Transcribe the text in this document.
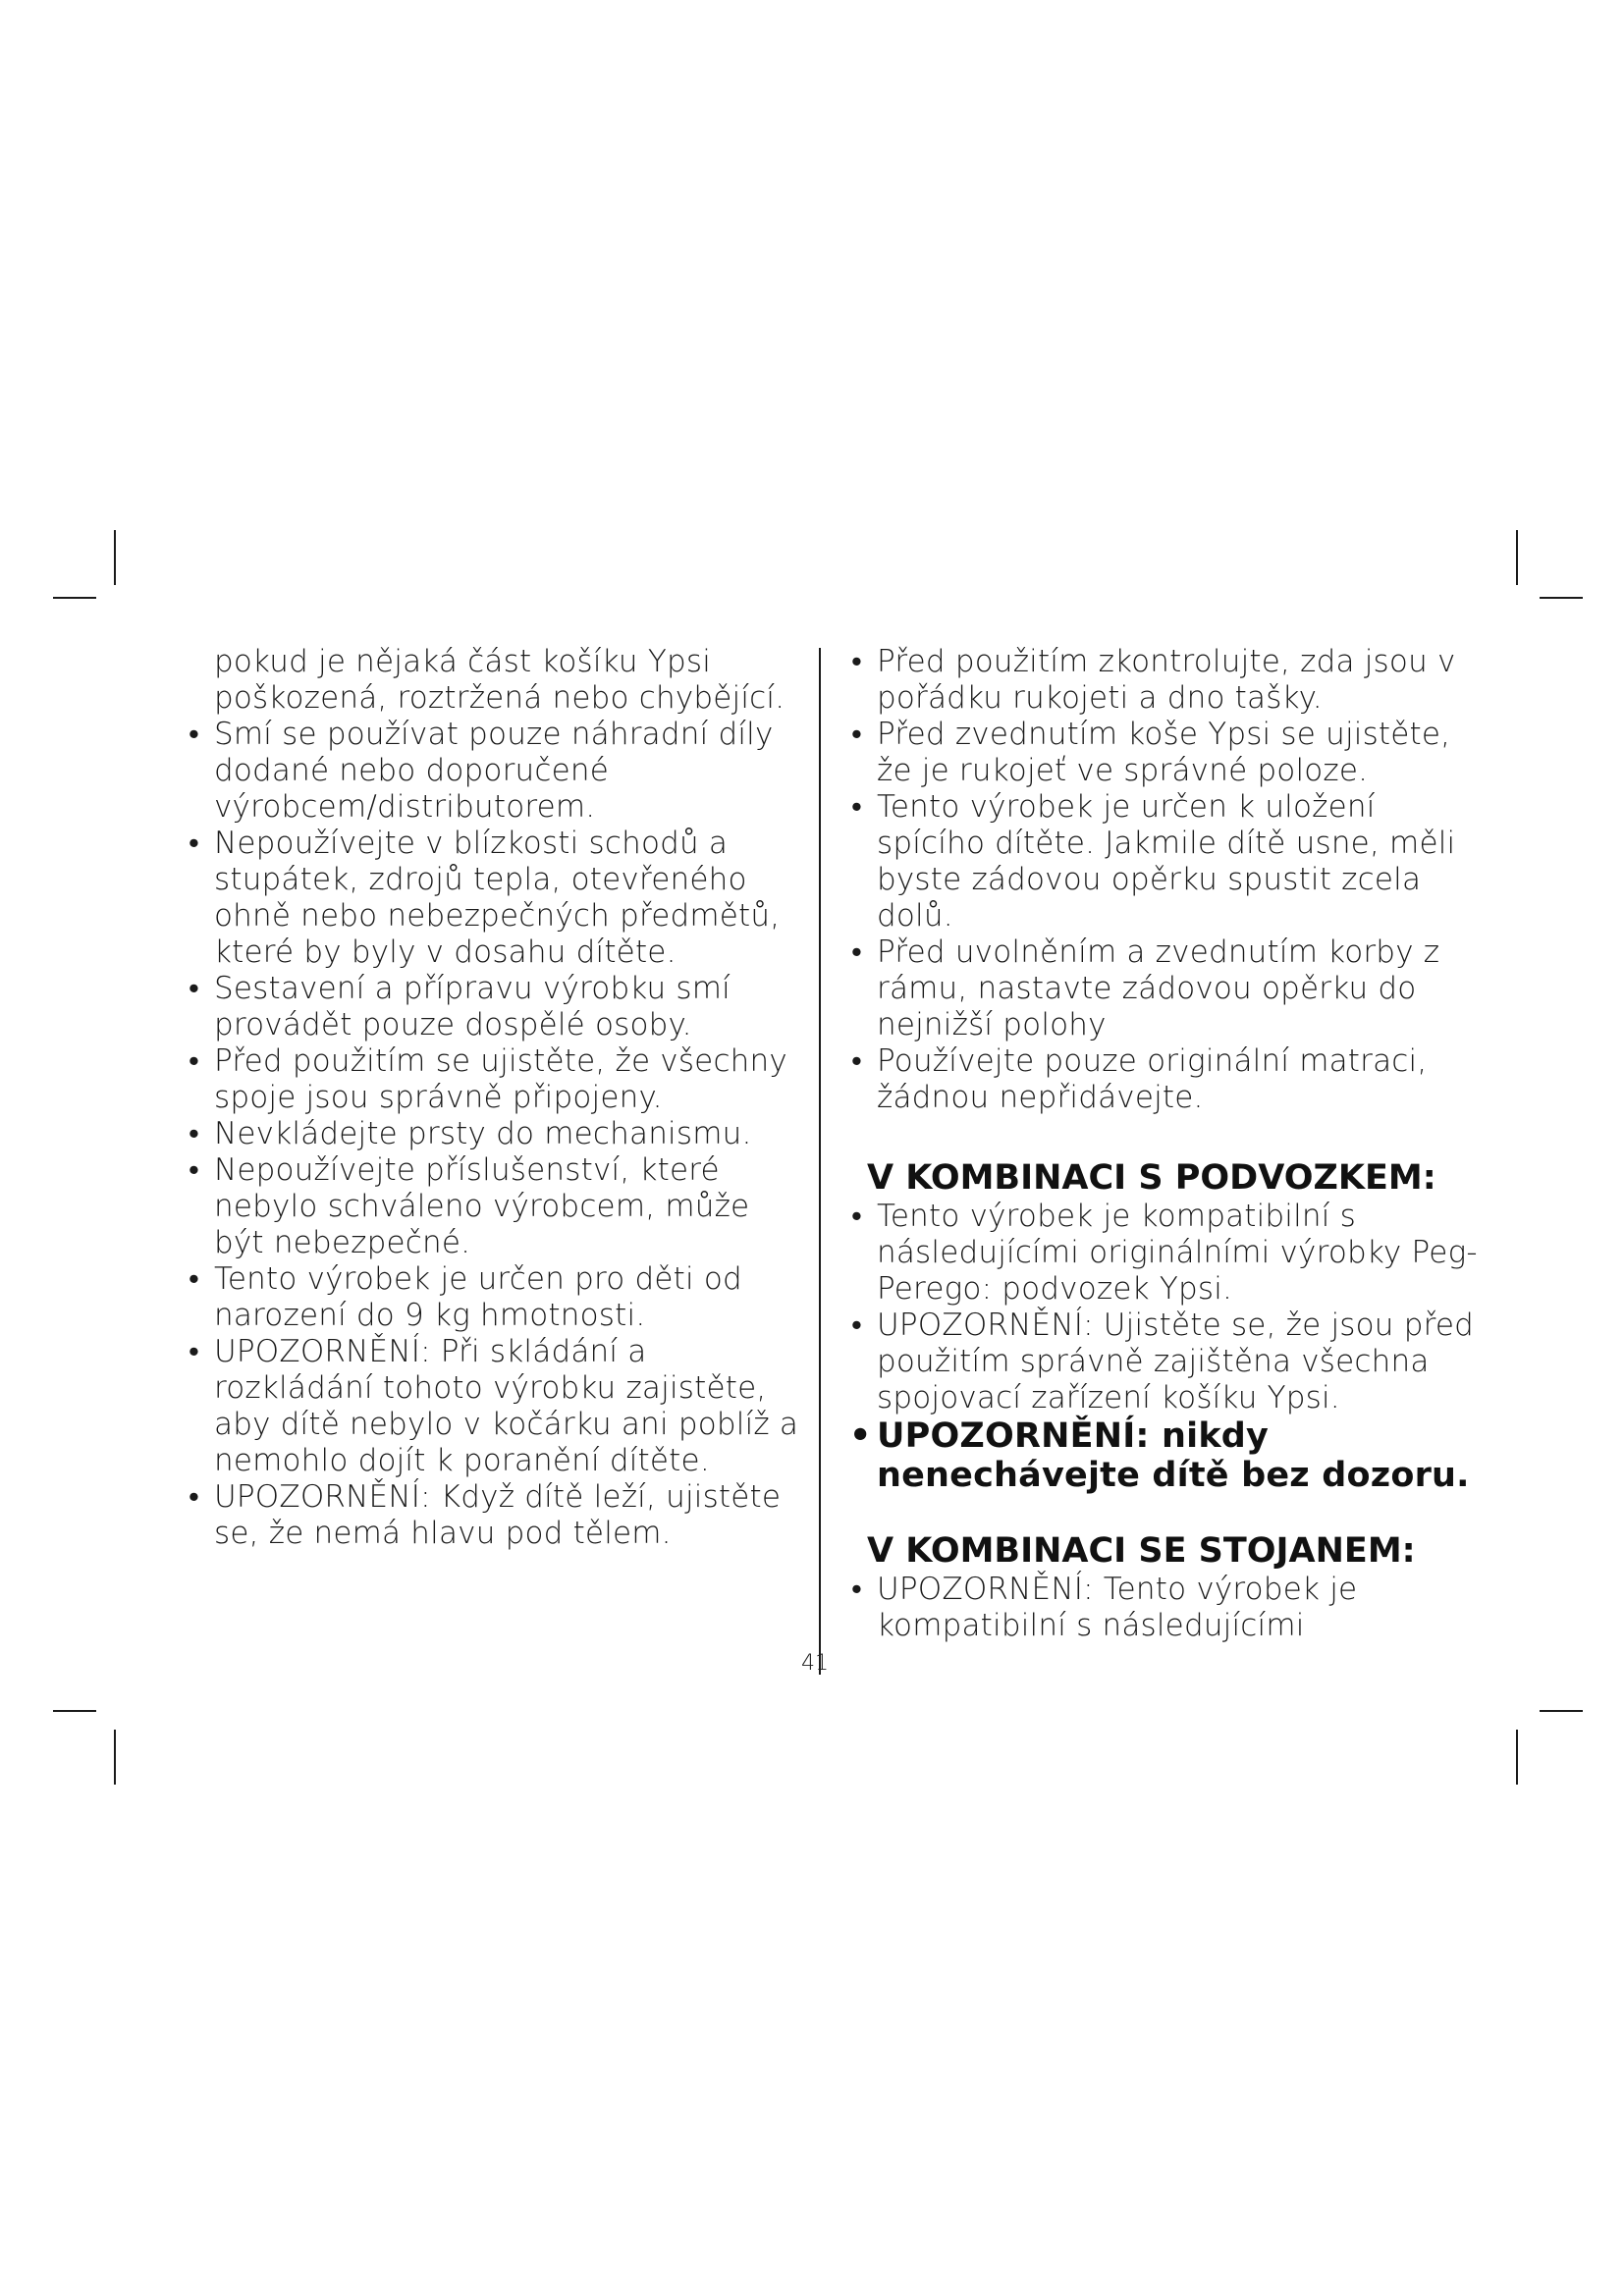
pokud je nějaká část košíku Ypsi poškozená, roztržená nebo chybějící.

• Smí se používat pouze náhradní díly dodané nebo doporučené výrobcem/distributorem.

• Nepoužívejte v blízkosti schodů a stupátek, zdrojů tepla, otevřeného ohně nebo nebezpečných předmětů, které by byly v dosahu dítěte.

• Sestavení a přípravu výrobku smí provádět pouze dospělé osoby.

• Před použitím se ujistěte, že všechny spoje jsou správně připojeny.

• Nevkládejte prsty do mechanismu.

• Nepoužívejte příslušenství, které nebylo schváleno výrobcem, může být nebezpečné.

• Tento výrobek je určen pro děti od narození do 9 kg hmotnosti.

• UPOZORNĚNÍ: Při skládání a rozkládání tohoto výrobku zajistěte, aby dítě nebylo v kočárku ani poblíž a nemohlo dojít k poranění dítěte.

• UPOZORNĚNÍ: Když dítě leží, ujistěte se, že nemá hlavu pod tělem.

• Před použitím zkontrolujte, zda jsou v pořádku rukojeti a dno tašky.

• Před zvednutím koše Ypsi se ujistěte, že je rukojeť ve správné poloze.

• Tento výrobek je určen k uložení spícího dítěte. Jakmile dítě usne, měli byste zádovou opěrku spustit zcela dolů.

• Před uvolněním a zvednutím korby z rámu, nastavte zádovou opěrku do nejnižší polohy

• Používejte pouze originální matraci, žádnou nepřidávejte.

V KOMBINACI S PODVOZKEM:

• Tento výrobek je kompatibilní s následujícími originálními výrobky Peg-Perego: podvozek Ypsi.

• UPOZORNĚNÍ: Ujistěte se, že jsou před použitím správně zajištěna všechna spojovací zařízení košíku Ypsi.

• UPOZORNĚNÍ: nikdy nenechávejte dítě bez dozoru.

V KOMBINACI SE STOJANEM:

• UPOZORNĚNÍ: Tento výrobek je kompatibilní s následujícími

41
